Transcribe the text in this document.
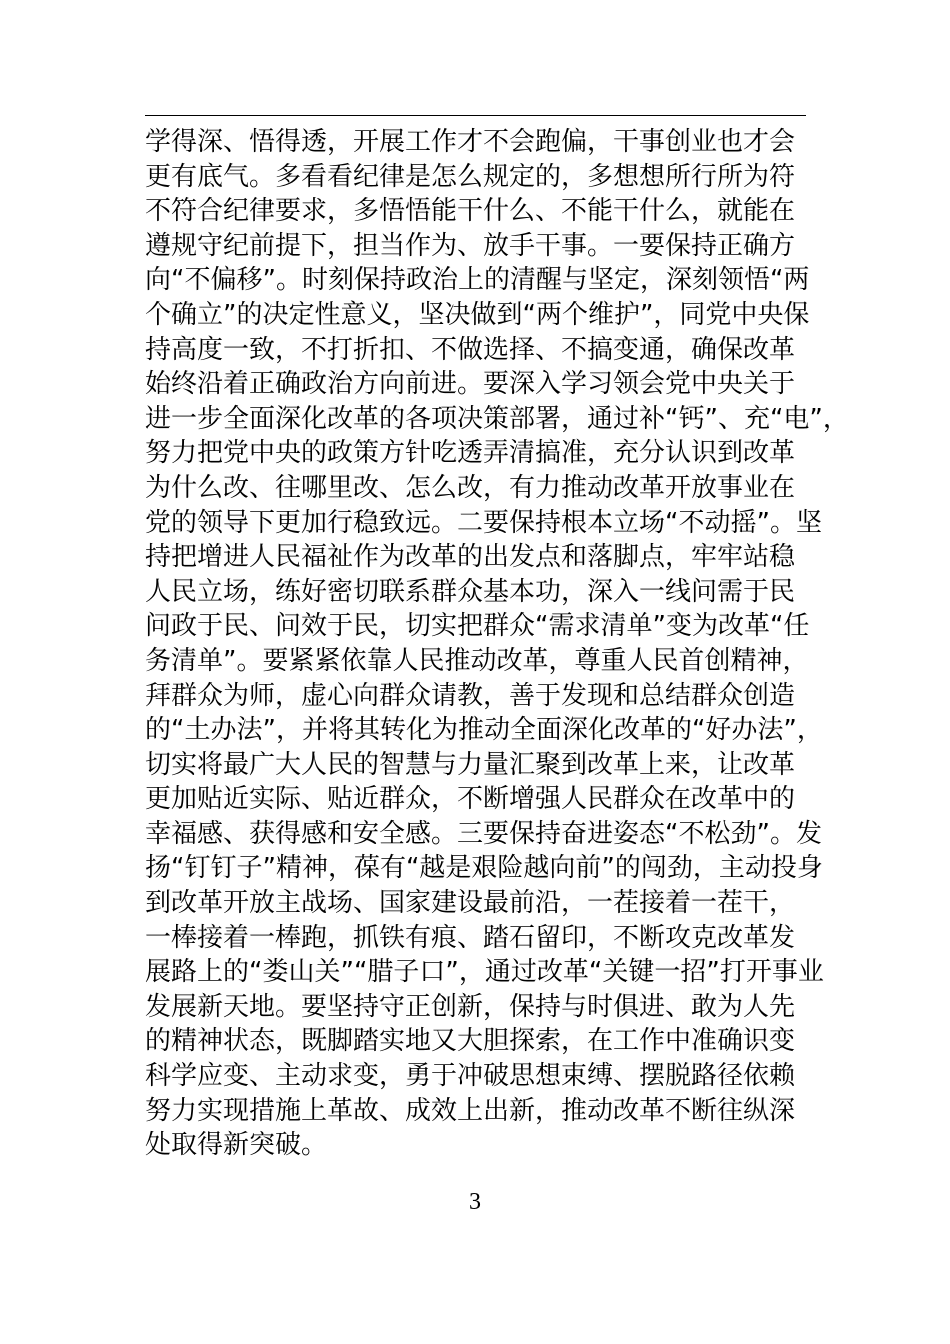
学得深、悟得透，开展工作才不会跑偏，干事创业也才会
更有底气。多看看纪律是怎么规定的，多想想所行所为符
不符合纪律要求，多悟悟能干什么、不能干什么，就能在
遵规守纪前提下，担当作为、放手干事。一要保持正确方
向“不偏移”。时刻保持政治上的清醒与坚定，深刻领悟“两
个确立”的决定性意义，坚决做到“两个维护”，同党中央保
持高度一致，不打折扣、不做选择、不搞变通，确保改革
始终沿着正确政治方向前进。要深入学习领会党中央关于
进一步全面深化改革的各项决策部署，通过补“钙”、充“电”，
努力把党中央的政策方针吃透弄清搞准，充分认识到改革
为什么改、往哪里改、怎么改，有力推动改革开放事业在
党的领导下更加行稳致远。二要保持根本立场“不动摇”。坚
持把增进人民福祉作为改革的出发点和落脚点，牢牢站稳
人民立场，练好密切联系群众基本功，深入一线问需于民
问政于民、问效于民，切实把群众“需求清单”变为改革“任
务清单”。要紧紧依靠人民推动改革，尊重人民首创精神，
拜群众为师，虚心向群众请教，善于发现和总结群众创造
的“土办法”，并将其转化为推动全面深化改革的“好办法”，
切实将最广大人民的智慧与力量汇聚到改革上来，让改革
更加贴近实际、贴近群众，不断增强人民群众在改革中的
幸福感、获得感和安全感。三要保持奋进姿态“不松劲”。发
扬“钉钉子”精神，葆有“越是艰险越向前”的闯劲，主动投身
到改革开放主战场、国家建设最前沿，一茬接着一茬干，
一棒接着一棒跑，抓铁有痕、踏石留印，不断攻克改革发
展路上的“娄山关”“腊子口”，通过改革“关键一招”打开事业
发展新天地。要坚持守正创新，保持与时俱进、敢为人先
的精神状态，既脚踏实地又大胆探索，在工作中准确识变
科学应变、主动求变，勇于冲破思想束缚、摆脱路径依赖
努力实现措施上革故、成效上出新，推动改革不断往纵深
处取得新突破。
3
